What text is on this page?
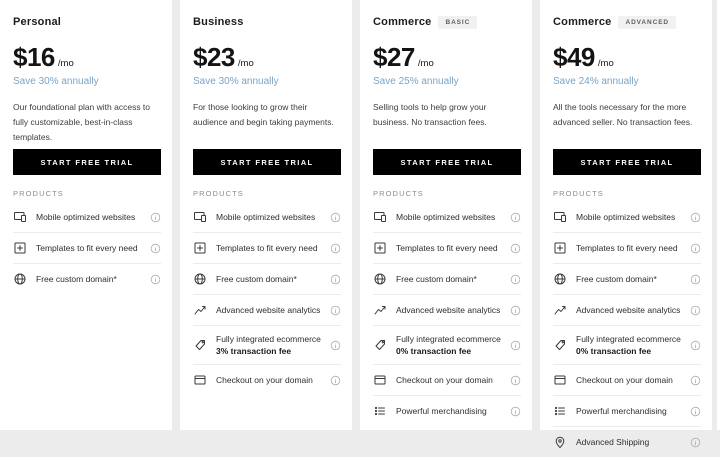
Personal
$16 /mo
Save 30% annually

Our foundational plan with access to fully customizable, best-in-class templates.

START FREE TRIAL
PRODUCTS
Mobile optimized websites
Templates to fit every need
Free custom domain*
Business
$23 /mo
Save 30% annually

For those looking to grow their audience and begin taking payments.

START FREE TRIAL
PRODUCTS
Mobile optimized websites
Templates to fit every need
Free custom domain*
Advanced website analytics
Fully integrated ecommerce
3% transaction fee
Checkout on your domain
Commerce	BASIC
$27 /mo
Save 25% annually

Selling tools to help grow your business. No transaction fees.

START FREE TRIAL
PRODUCTS
Mobile optimized websites
Templates to fit every need
Free custom domain*
Advanced website analytics
Fully integrated ecommerce
0% transaction fee
Checkout on your domain
Powerful merchandising
Commerce	ADVANCED
$49 /mo
Save 24% annually

All the tools necessary for the more advanced seller. No transaction fees.

START FREE TRIAL
PRODUCTS
Mobile optimized websites
Templates to fit every need
Free custom domain*
Advanced website analytics
Fully integrated ecommerce
0% transaction fee
Checkout on your domain
Powerful merchandising
Advanced Shipping
